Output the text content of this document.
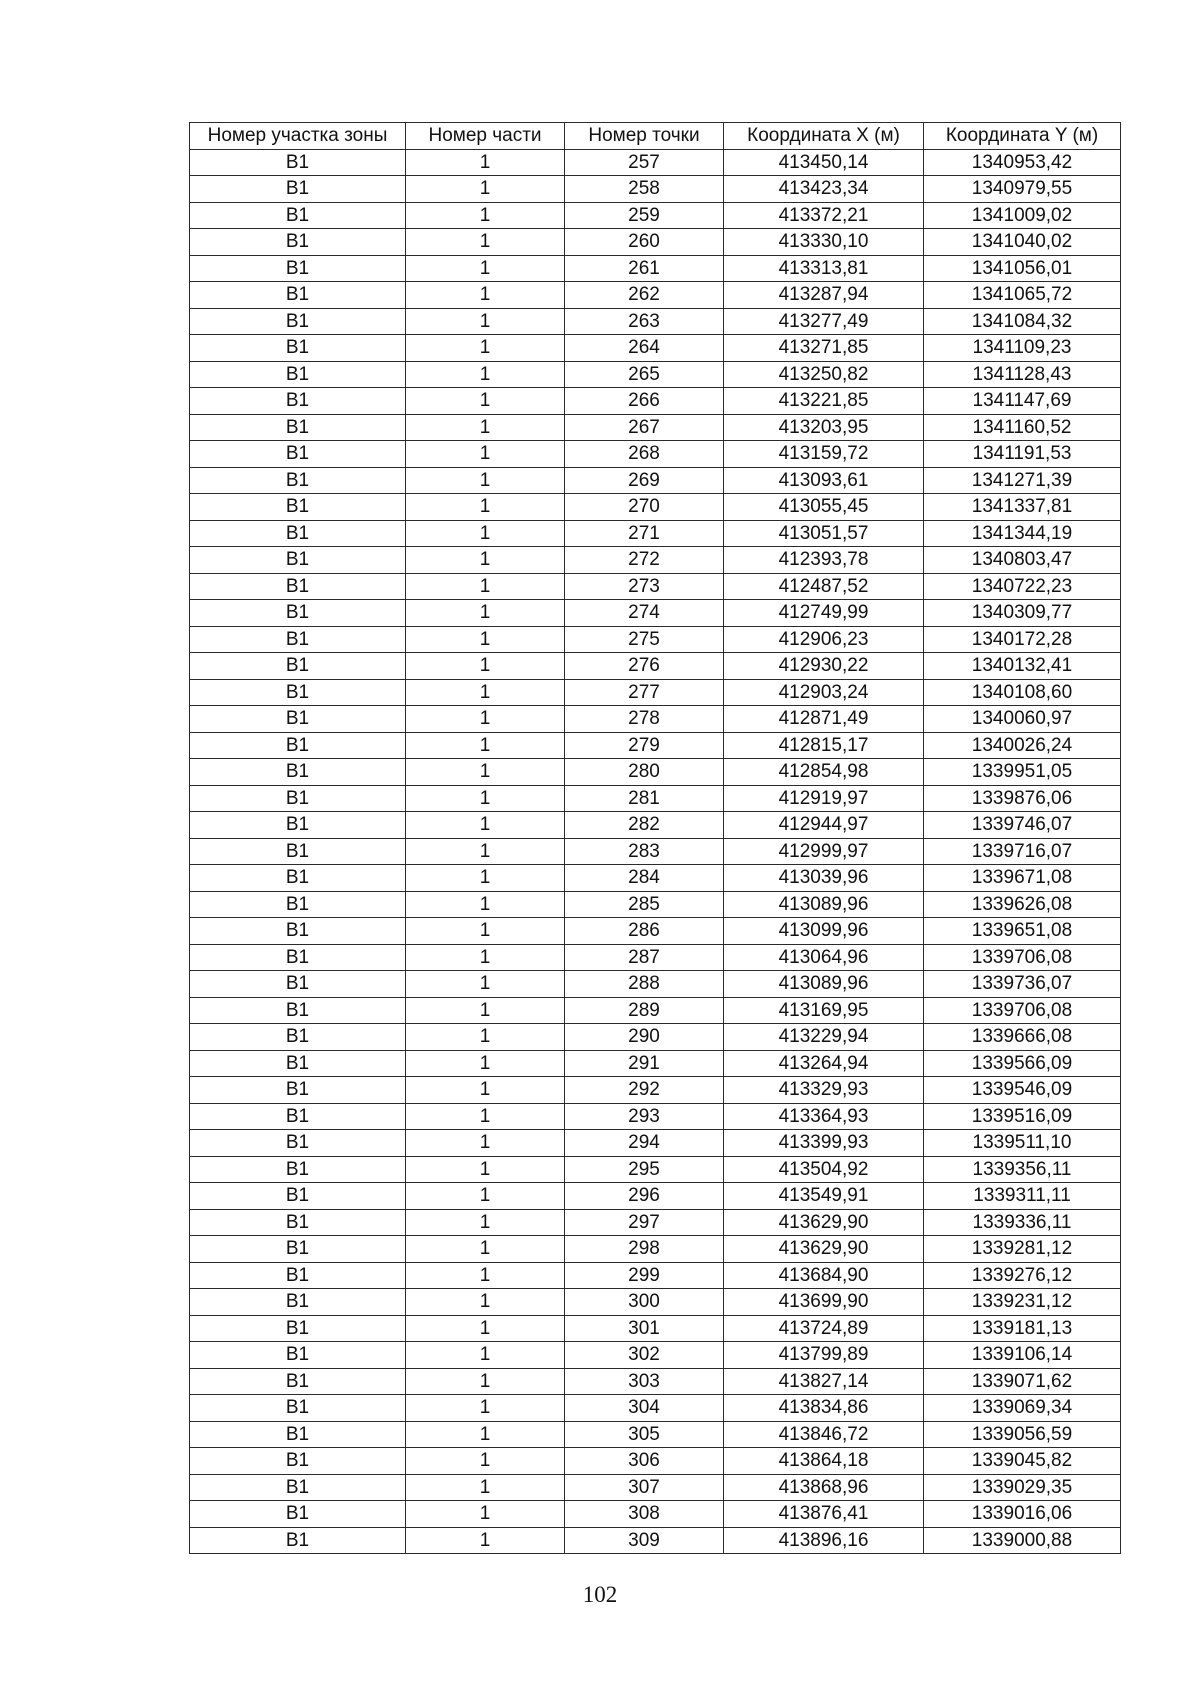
Номер участка зоны	Номер части	Номер точки	Координата X (м)	Координата Y (м)
В1	1	257	413450,14	1340953,42
В1	1	258	413423,34	1340979,55
В1	1	259	413372,21	1341009,02
В1	1	260	413330,10	1341040,02
В1	1	261	413313,81	1341056,01
В1	1	262	413287,94	1341065,72
В1	1	263	413277,49	1341084,32
В1	1	264	413271,85	1341109,23
В1	1	265	413250,82	1341128,43
В1	1	266	413221,85	1341147,69
В1	1	267	413203,95	1341160,52
В1	1	268	413159,72	1341191,53
В1	1	269	413093,61	1341271,39
В1	1	270	413055,45	1341337,81
В1	1	271	413051,57	1341344,19
В1	1	272	412393,78	1340803,47
В1	1	273	412487,52	1340722,23
В1	1	274	412749,99	1340309,77
В1	1	275	412906,23	1340172,28
В1	1	276	412930,22	1340132,41
В1	1	277	412903,24	1340108,60
В1	1	278	412871,49	1340060,97
В1	1	279	412815,17	1340026,24
В1	1	280	412854,98	1339951,05
В1	1	281	412919,97	1339876,06
В1	1	282	412944,97	1339746,07
В1	1	283	412999,97	1339716,07
В1	1	284	413039,96	1339671,08
В1	1	285	413089,96	1339626,08
В1	1	286	413099,96	1339651,08
В1	1	287	413064,96	1339706,08
В1	1	288	413089,96	1339736,07
В1	1	289	413169,95	1339706,08
В1	1	290	413229,94	1339666,08
В1	1	291	413264,94	1339566,09
В1	1	292	413329,93	1339546,09
В1	1	293	413364,93	1339516,09
В1	1	294	413399,93	1339511,10
В1	1	295	413504,92	1339356,11
В1	1	296	413549,91	1339311,11
В1	1	297	413629,90	1339336,11
В1	1	298	413629,90	1339281,12
В1	1	299	413684,90	1339276,12
В1	1	300	413699,90	1339231,12
В1	1	301	413724,89	1339181,13
В1	1	302	413799,89	1339106,14
В1	1	303	413827,14	1339071,62
В1	1	304	413834,86	1339069,34
В1	1	305	413846,72	1339056,59
В1	1	306	413864,18	1339045,82
В1	1	307	413868,96	1339029,35
В1	1	308	413876,41	1339016,06
В1	1	309	413896,16	1339000,88
102
